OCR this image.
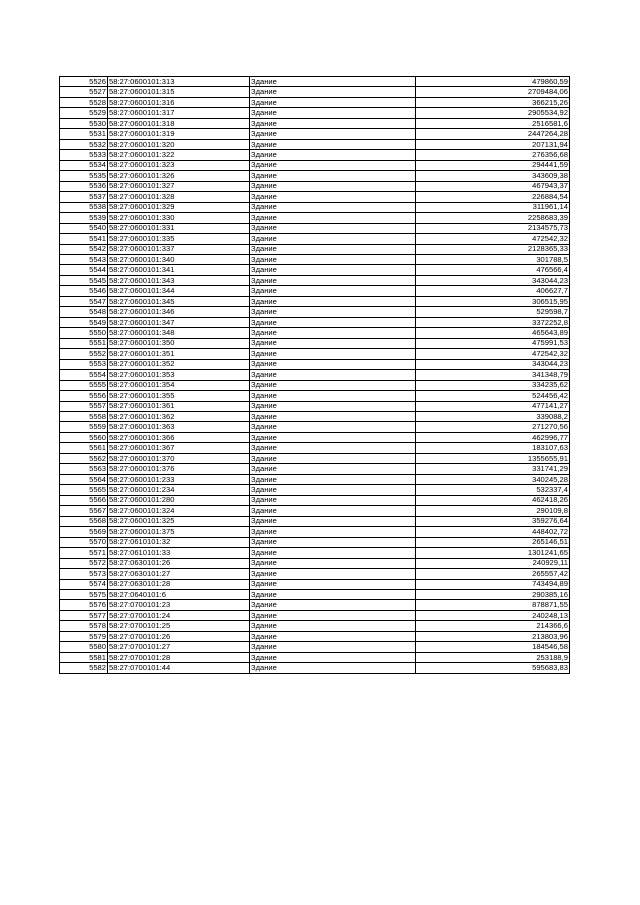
5526	58:27:0600101:313	Здание	479860,59
5527	58:27:0600101:315	Здание	2709484,06
5528	58:27:0600101:316	Здание	366215,26
5529	58:27:0600101:317	Здание	2905534,92
5530	58:27:0600101:318	Здание	2516581,6
5531	58:27:0600101:319	Здание	2447264,28
5532	58:27:0600101:320	Здание	207131,94
5533	58:27:0600101:322	Здание	276356,68
5534	58:27:0600101:323	Здание	294441,59
5535	58:27:0600101:326	Здание	343609,38
5536	58:27:0600101:327	Здание	467943,37
5537	58:27:0600101:328	Здание	226884,54
5538	58:27:0600101:329	Здание	311961,14
5539	58:27:0600101:330	Здание	2258683,39
5540	58:27:0600101:331	Здание	2134575,73
5541	58:27:0600101:335	Здание	472542,32
5542	58:27:0600101:337	Здание	2128365,33
5543	58:27:0600101:340	Здание	301788,5
5544	58:27:0600101:341	Здание	476566,4
5545	58:27:0600101:343	Здание	343044,23
5546	58:27:0600101:344	Здание	406627,7
5547	58:27:0600101:345	Здание	306515,95
5548	58:27:0600101:346	Здание	529598,7
5549	58:27:0600101:347	Здание	3372252,8
5550	58:27:0600101:348	Здание	465643,89
5551	58:27:0600101:350	Здание	475991,53
5552	58:27:0600101:351	Здание	472542,32
5553	58:27:0600101:352	Здание	343044,23
5554	58:27:0600101:353	Здание	341348,79
5555	58:27:0600101:354	Здание	334235,62
5556	58:27:0600101:355	Здание	524456,42
5557	58:27:0600101:361	Здание	477141,27
5558	58:27:0600101:362	Здание	339088,2
5559	58:27:0600101:363	Здание	271270,56
5560	58:27:0600101:366	Здание	462996,77
5561	58:27:0600101:367	Здание	183107,63
5562	58:27:0600101:370	Здание	1355655,91
5563	58:27:0600101:376	Здание	331741,29
5564	58:27:0600101:233	Здание	340245,28
5565	58:27:0600101:234	Здание	532337,4
5566	58:27:0600101:280	Здание	462418,26
5567	58:27:0600101:324	Здание	290109,8
5568	58:27:0600101:325	Здание	359276,64
5569	58:27:0600101:375	Здание	448402,72
5570	58:27:0610101:32	Здание	265146,51
5571	58:27:0610101:33	Здание	1301241,65
5572	58:27:0630101:26	Здание	240929,11
5573	58:27:0630101:27	Здание	265557,42
5574	58:27:0630101:28	Здание	743494,89
5575	58:27:0640101:6	Здание	290385,16
5576	58:27:0700101:23	Здание	878871,55
5577	58:27:0700101:24	Здание	240248,13
5578	58:27:0700101:25	Здание	214366,6
5579	58:27:0700101:26	Здание	213803,96
5580	58:27:0700101:27	Здание	184546,58
5581	58:27:0700101:28	Здание	253188,9
5582	58:27:0700101:44	Здание	595683,83
